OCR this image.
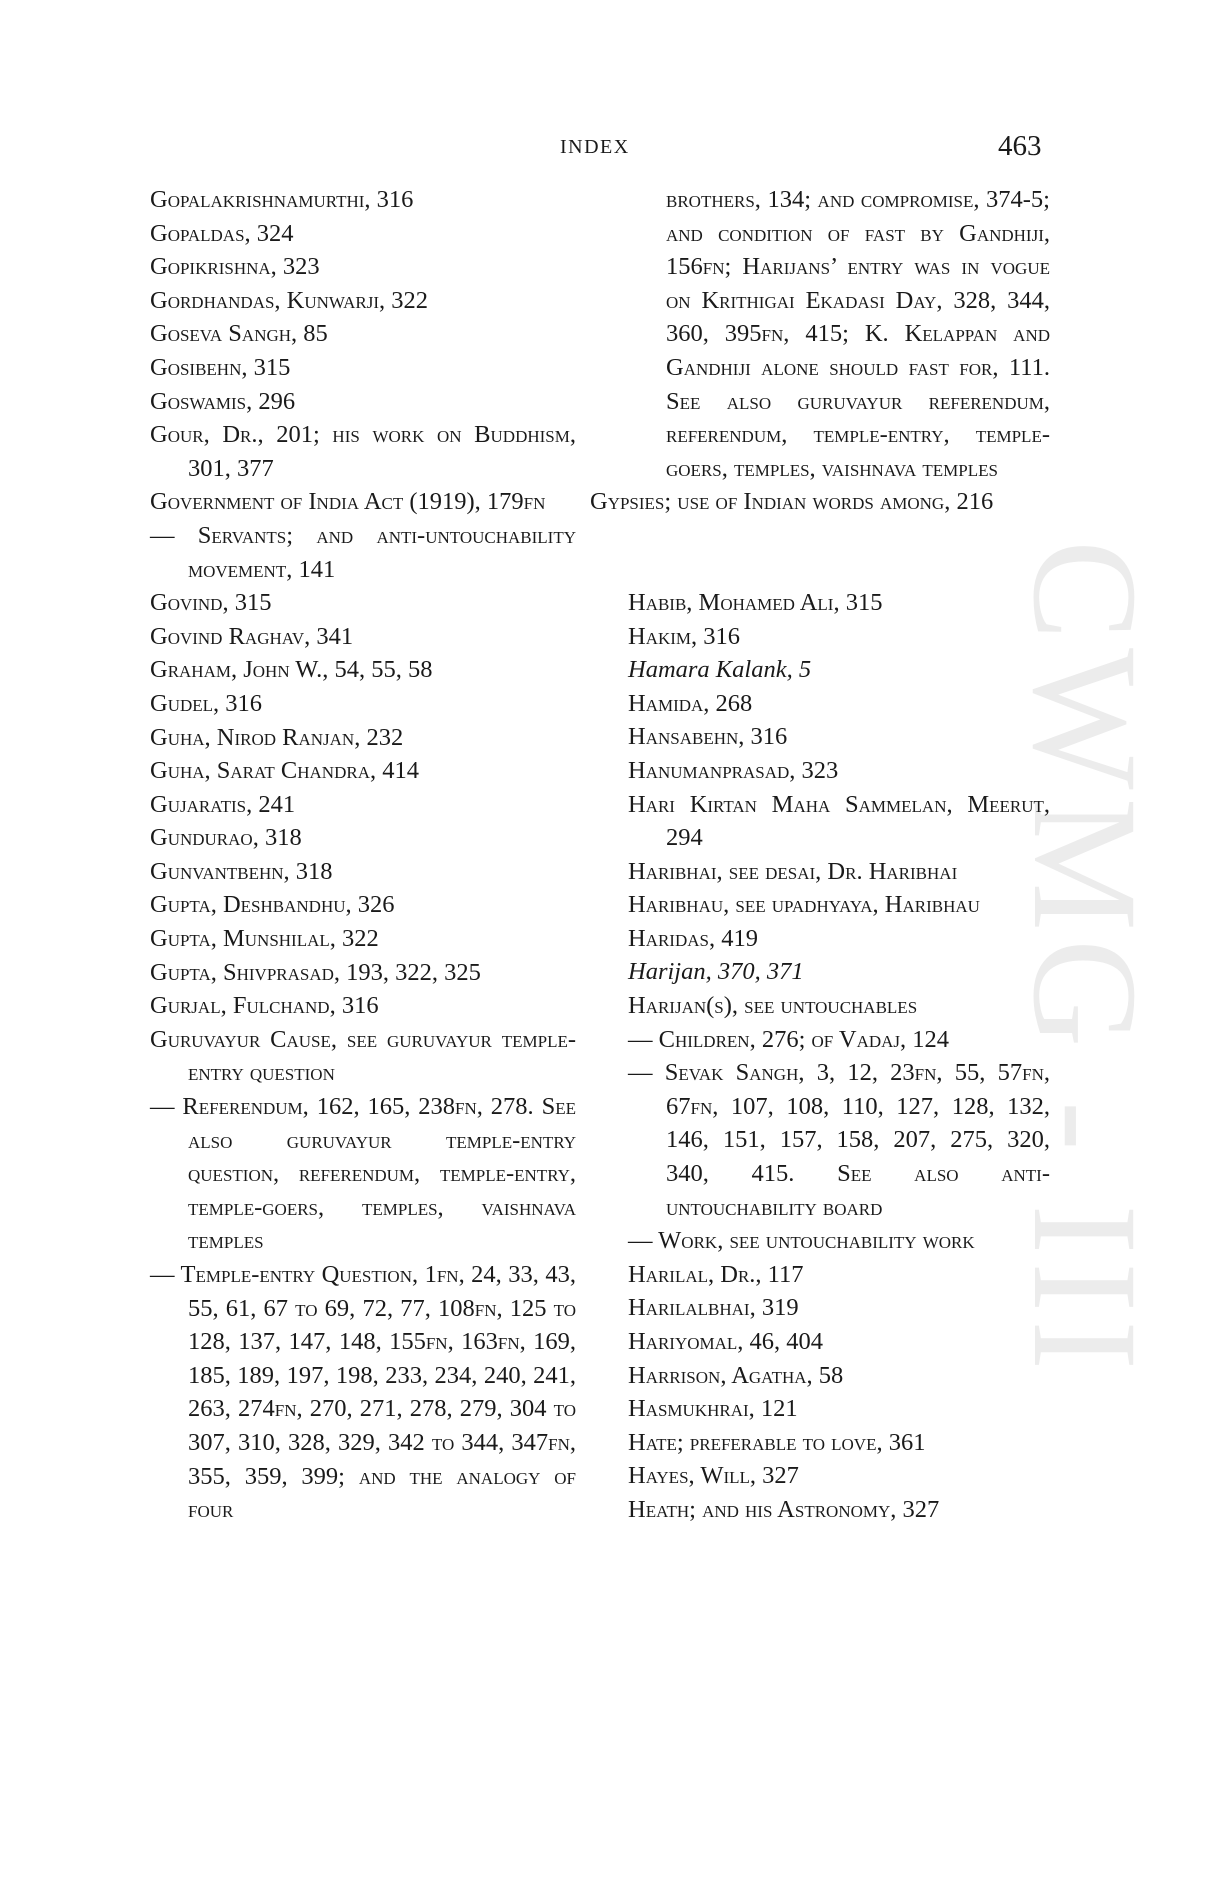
CWMG - III
INDEX	463
Gopalakrishnamurthi, 316
Gopaldas, 324
Gopikrishna, 323
Gordhandas, Kunwarji, 322
Goseva Sangh, 85
Gosibehn, 315
Goswamis, 296
Gour, Dr., 201; his work on Buddhism, 301, 377
Government of India Act (1919), 179fn
— Servants; and anti-untouchability movement, 141
Govind, 315
Govind Raghav, 341
Graham, John W., 54, 55, 58
Gudel, 316
Guha, Nirod Ranjan, 232
Guha, Sarat Chandra, 414
Gujaratis, 241
Gundurao, 318
Gunvantbehn, 318
Gupta, Deshbandhu, 326
Gupta, Munshilal, 322
Gupta, Shivprasad, 193, 322, 325
Gurjal, Fulchand, 316
Guruvayur Cause, see guruvayur temple-entry question
— Referendum, 162, 165, 238fn, 278. See also guruvayur temple-entry question, referendum, temple-entry, temple-goers, temples, vaishnava temples
— Temple-entry Question, 1fn, 24, 33, 43, 55, 61, 67 to 69, 72, 77, 108fn, 125 to 128, 137, 147, 148, 155fn, 163fn, 169, 185, 189, 197, 198, 233, 234, 240, 241, 263, 274fn, 270, 271, 278, 279, 304 to 307, 310, 328, 329, 342 to 344, 347fn, 355, 359, 399; and the analogy of four
brothers, 134; and compromise, 374-5; and condition of fast by Gandhiji, 156fn; Harijans’ entry was in vogue on Krithigai Ekadasi Day, 328, 344, 360, 395fn, 415; K. Kelappan and Gandhiji alone should fast for, 111. See also guruvayur referendum, referendum, temple-entry, temple-goers, temples, vaishnava temples
Gypsies; use of Indian words among, 216
Habib, Mohamed Ali, 315
Hakim, 316
Hamara Kalank, 5
Hamida, 268
Hansabehn, 316
Hanumanprasad, 323
Hari Kirtan Maha Sammelan, Meerut, 294
Haribhai, see desai, Dr. Haribhai
Haribhau, see upadhyaya, Haribhau
Haridas, 419
Harijan, 370, 371
Harijan(s), see untouchables
— Children, 276; of Vadaj, 124
— Sevak Sangh, 3, 12, 23fn, 55, 57fn, 67fn, 107, 108, 110, 127, 128, 132, 146, 151, 157, 158, 207, 275, 320, 340, 415. See also anti-untouchability board
— Work, see untouchability work
Harilal, Dr., 117
Harilalbhai, 319
Hariyomal, 46, 404
Harrison, Agatha, 58
Hasmukhrai, 121
Hate; preferable to love, 361
Hayes, Will, 327
Heath; and his Astronomy, 327
